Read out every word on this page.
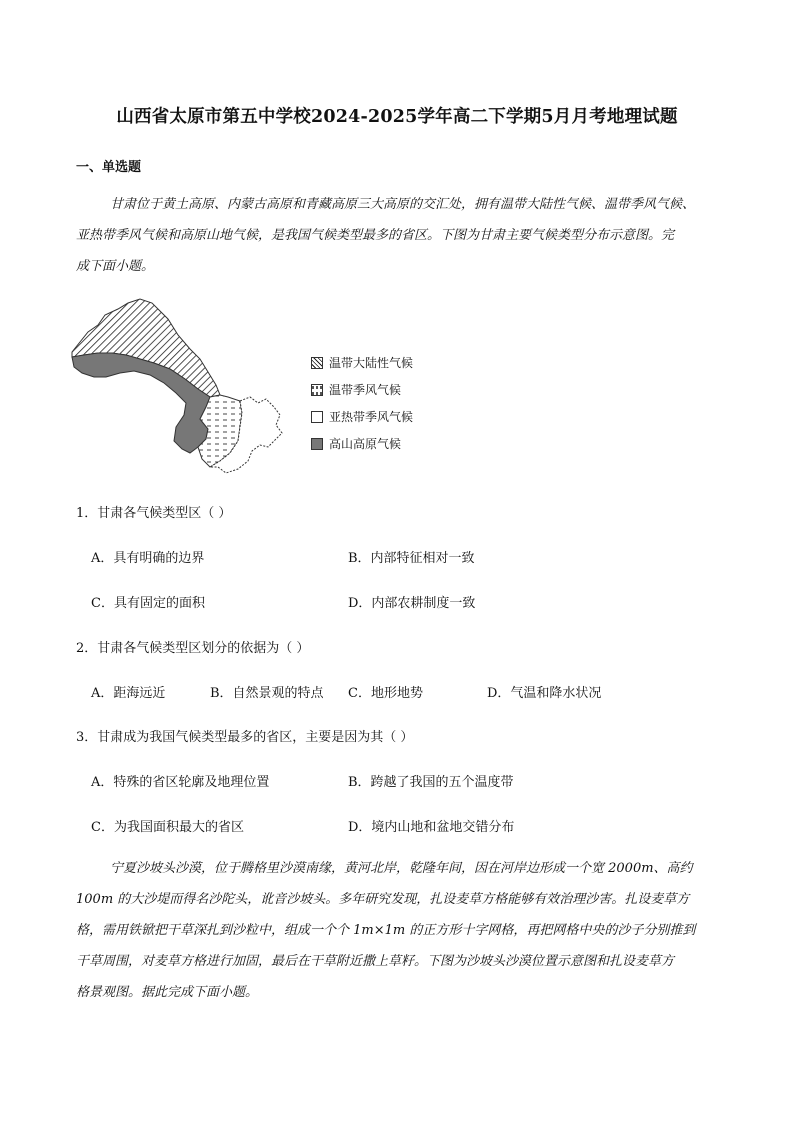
山西省太原市第五中学校2024-2025学年高二下学期5月月考地理试题
一、单选题
甘肃位于黄土高原、内蒙古高原和青藏高原三大高原的交汇处，拥有温带大陆性气候、温带季风气候、
亚热带季风气候和高原山地气候，是我国气候类型最多的省区。下图为甘肃主要气候类型分布示意图。完
成下面小题。
温带大陆性气候
温带季风气候
亚热带季风气候
高山高原气候
1．甘肃各气候类型区（ ）
A．具有明确的边界	B．内部特征相对一致
C．具有固定的面积	D．内部农耕制度一致
2．甘肃各气候类型区划分的依据为（ ）
A．距海远近	B．自然景观的特点 C．地形地势	D．气温和降水状况
3．甘肃成为我国气候类型最多的省区，主要是因为其（ ）
A．特殊的省区轮廓及地理位置	B．跨越了我国的五个温度带
C．为我国面积最大的省区	D．境内山地和盆地交错分布
宁夏沙坡头沙漠，位于腾格里沙漠南缘，黄河北岸，乾隆年间，因在河岸边形成一个宽 2000m、高约
100m 的大沙堤而得名沙陀头，讹音沙坡头。多年研究发现，扎设麦草方格能够有效治理沙害。扎设麦草方
格，需用铁锨把干草深扎到沙粒中，组成一个个 1m×1m 的正方形十字网格，再把网格中央的沙子分别推到
干草周围，对麦草方格进行加固，最后在干草附近撒上草籽。下图为沙坡头沙漠位置示意图和扎设麦草方
格景观图。据此完成下面小题。
